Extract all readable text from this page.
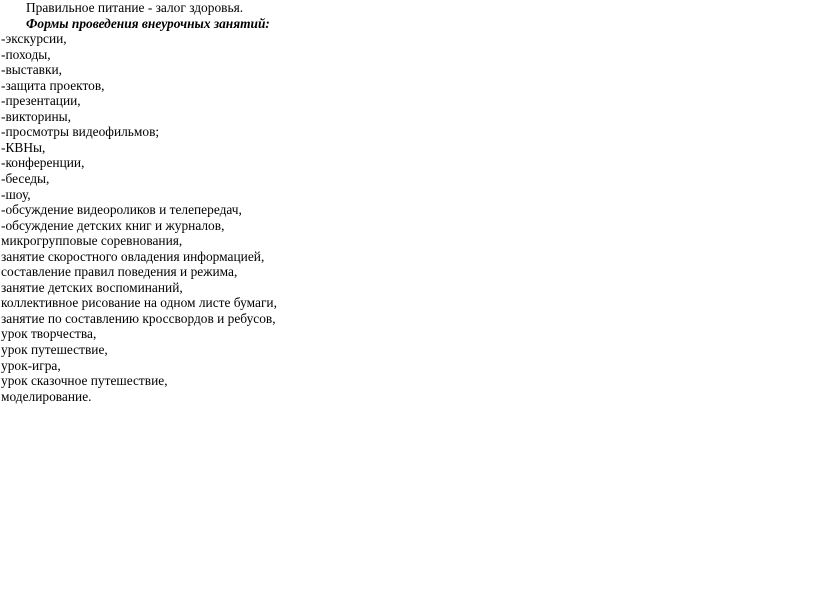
Правильное питание - залог здоровья.
Формы проведения внеурочных занятий:
-экскурсии,
-походы,
-выставки,
-защита проектов,
-презентации,
-викторины,
-просмотры видеофильмов;
-КВНы,
-конференции,
-беседы,
-шоу,
-обсуждение видеороликов и телепередач,
-обсуждение детских книг и журналов,
микрогрупповые соревнования,
занятие скоростного овладения информацией,
составление правил поведения и режима,
занятие детских воспоминаний,
коллективное рисование на одном листе бумаги,
занятие по составлению кроссвордов и ребусов,
урок творчества,
урок путешествие,
урок-игра,
урок сказочное путешествие,
моделирование.
